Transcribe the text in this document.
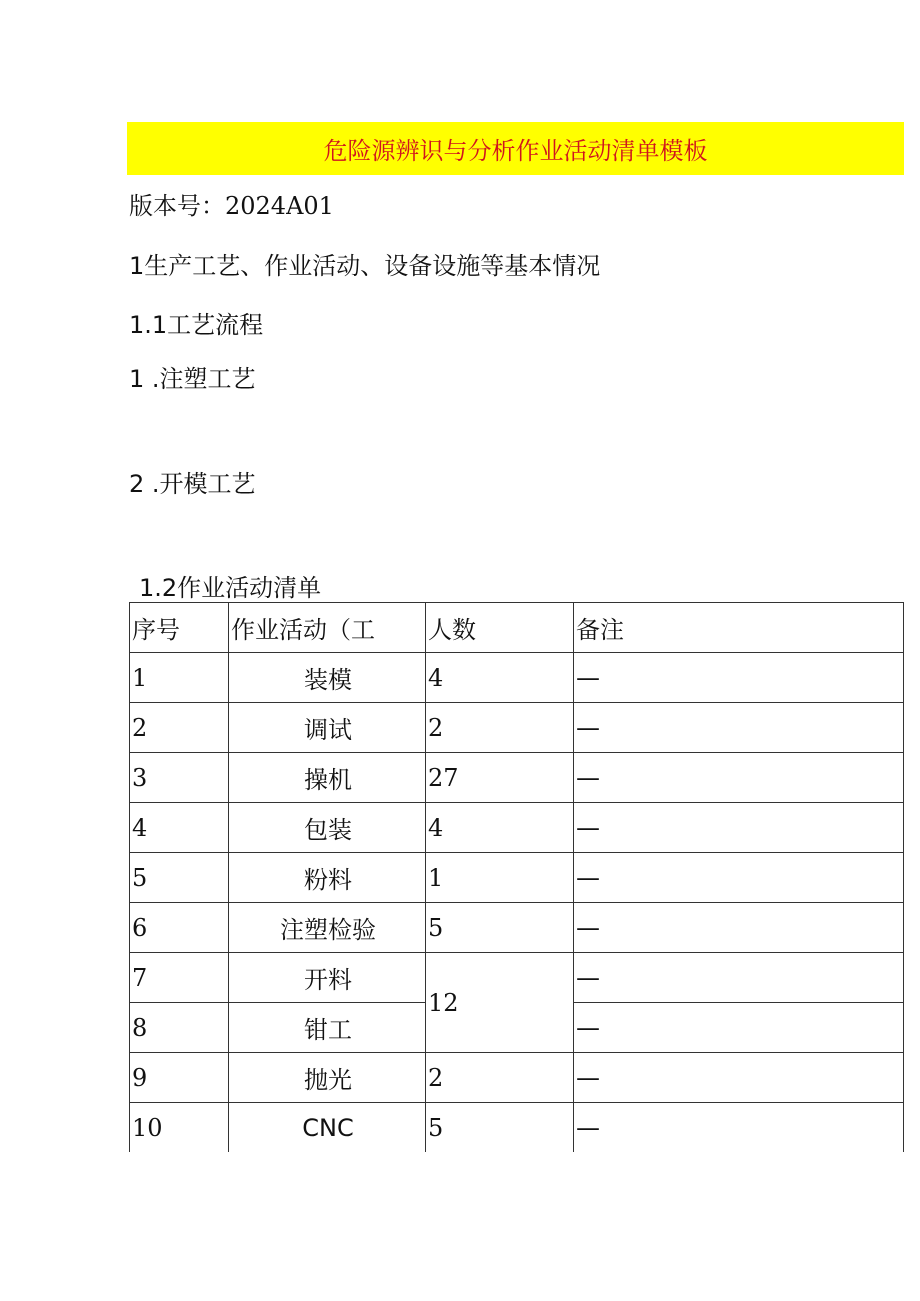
危险源辨识与分析作业活动清单模板
版本号：2024A01
1生产工艺、作业活动、设备设施等基本情况
1.1工艺流程
1 .注塑工艺
2 .开模工艺
1.2作业活动清单
序号	作业活动（工	人数	备注
1	装模	4	—
2	调试	2	—
3	操机	27	—
4	包装	4	—
5	粉料	1	—
6	注塑检验	5	—
7	开料	12	—
8	钳工		—
9	抛光	2	—
10	CNC	5	—
